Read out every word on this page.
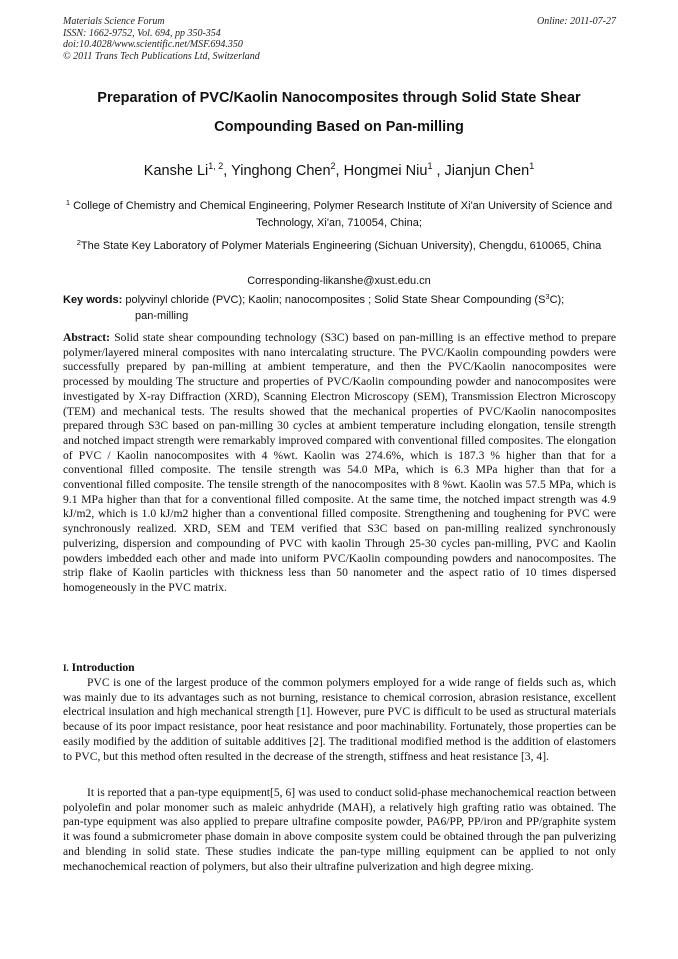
Materials Science Forum
ISSN: 1662-9752, Vol. 694, pp 350-354
doi:10.4028/www.scientific.net/MSF.694.350
© 2011 Trans Tech Publications Ltd, Switzerland
Online: 2011-07-27
Preparation of PVC/Kaolin Nanocomposites through Solid State Shear
Compounding Based on Pan-milling
Kanshe Li$^{1, 2}$, Yinghong Chen$^2$, Hongmei Niu$^1$ , Jianjun Chen$^1$
$^1$ College of Chemistry and Chemical Engineering, Polymer Research Institute of Xi'an University of Science and Technology, Xi'an, 710054, China;
$^2$The State Key Laboratory of Polymer Materials Engineering (Sichuan University), Chengdu, 610065, China
Corresponding-likanshe@xust.edu.cn
Key words: polyvinyl chloride (PVC); Kaolin; nanocomposites ; Solid State Shear Compounding $(S^3C)$;
pan-milling
Abstract: Solid state shear compounding technology (S3C) based on pan-milling is an effective method to prepare polymer/layered mineral composites with nano intercalating structure. The PVC/Kaolin compounding powders were successfully prepared by pan-milling at ambient temperature, and then the PVC/Kaolin nanocomposites were processed by moulding The structure and properties of PVC/Kaolin compounding powder and nanocomposites were investigated by X-ray Diffraction (XRD), Scanning Electron Microscopy (SEM), Transmission Electron Microscopy (TEM) and mechanical tests. The results showed that the mechanical properties of PVC/Kaolin nanocomposites prepared through S3C based on pan-milling 30 cycles at ambient temperature including elongation, tensile strength and notched impact strength were remarkably improved compared with conventional filled composites. The elongation of PVC / Kaolin nanocomposites with 4 %wt. Kaolin was 274.6%, which is 187.3 % higher than that for a conventional filled composite. The tensile strength was 54.0 MPa, which is 6.3 MPa higher than that for a conventional filled composite. The tensile strength of the nanocomposites with 8 %wt. Kaolin was 57.5 MPa, which is 9.1 MPa higher than that for a conventional filled composite. At the same time, the notched impact strength was 4.9 kJ/m2, which is 1.0 kJ/m2 higher than a conventional filled composite. Strengthening and toughening for PVC were synchronously realized. XRD, SEM and TEM verified that S3C based on pan-milling realized synchronously pulverizing, dispersion and compounding of PVC with kaolin Through 25-30 cycles pan-milling, PVC and Kaolin powders imbedded each other and made into uniform PVC/Kaolin compounding powders and nanocomposites. The strip flake of Kaolin particles with thickness less than 50 nanometer and the aspect ratio of 10 times dispersed homogeneously in the PVC matrix.
I. Introduction

PVC is one of the largest produce of the common polymers employed for a wide range of fields such as, which was mainly due to its advantages such as not burning, resistance to chemical corrosion, abrasion resistance, excellent electrical insulation and high mechanical strength [1]. However, pure PVC is difficult to be used as structural materials because of its poor impact resistance, poor heat resistance and poor machinability. Fortunately, those properties can be easily modified by the addition of suitable additives [2]. The traditional modified method is the addition of elastomers to PVC, but this method often resulted in the decrease of the strength, stiffness and heat resistance [3, 4].

It is reported that a pan-type equipment[5, 6] was used to conduct solid-phase mechanochemical reaction between polyolefin and polar monomer such as maleic anhydride (MAH), a relatively high grafting ratio was obtained. The pan-type equipment was also applied to prepare ultrafine composite powder, PA6/PP, PP/iron and PP/graphite system it was found a submicrometer phase domain in above composite system could be obtained through the pan pulverizing and blending in solid state. These studies indicate the pan-type milling equipment can be applied to not only mechanochemical reaction of polymers, but also their ultrafine pulverization and high degree mixing.
